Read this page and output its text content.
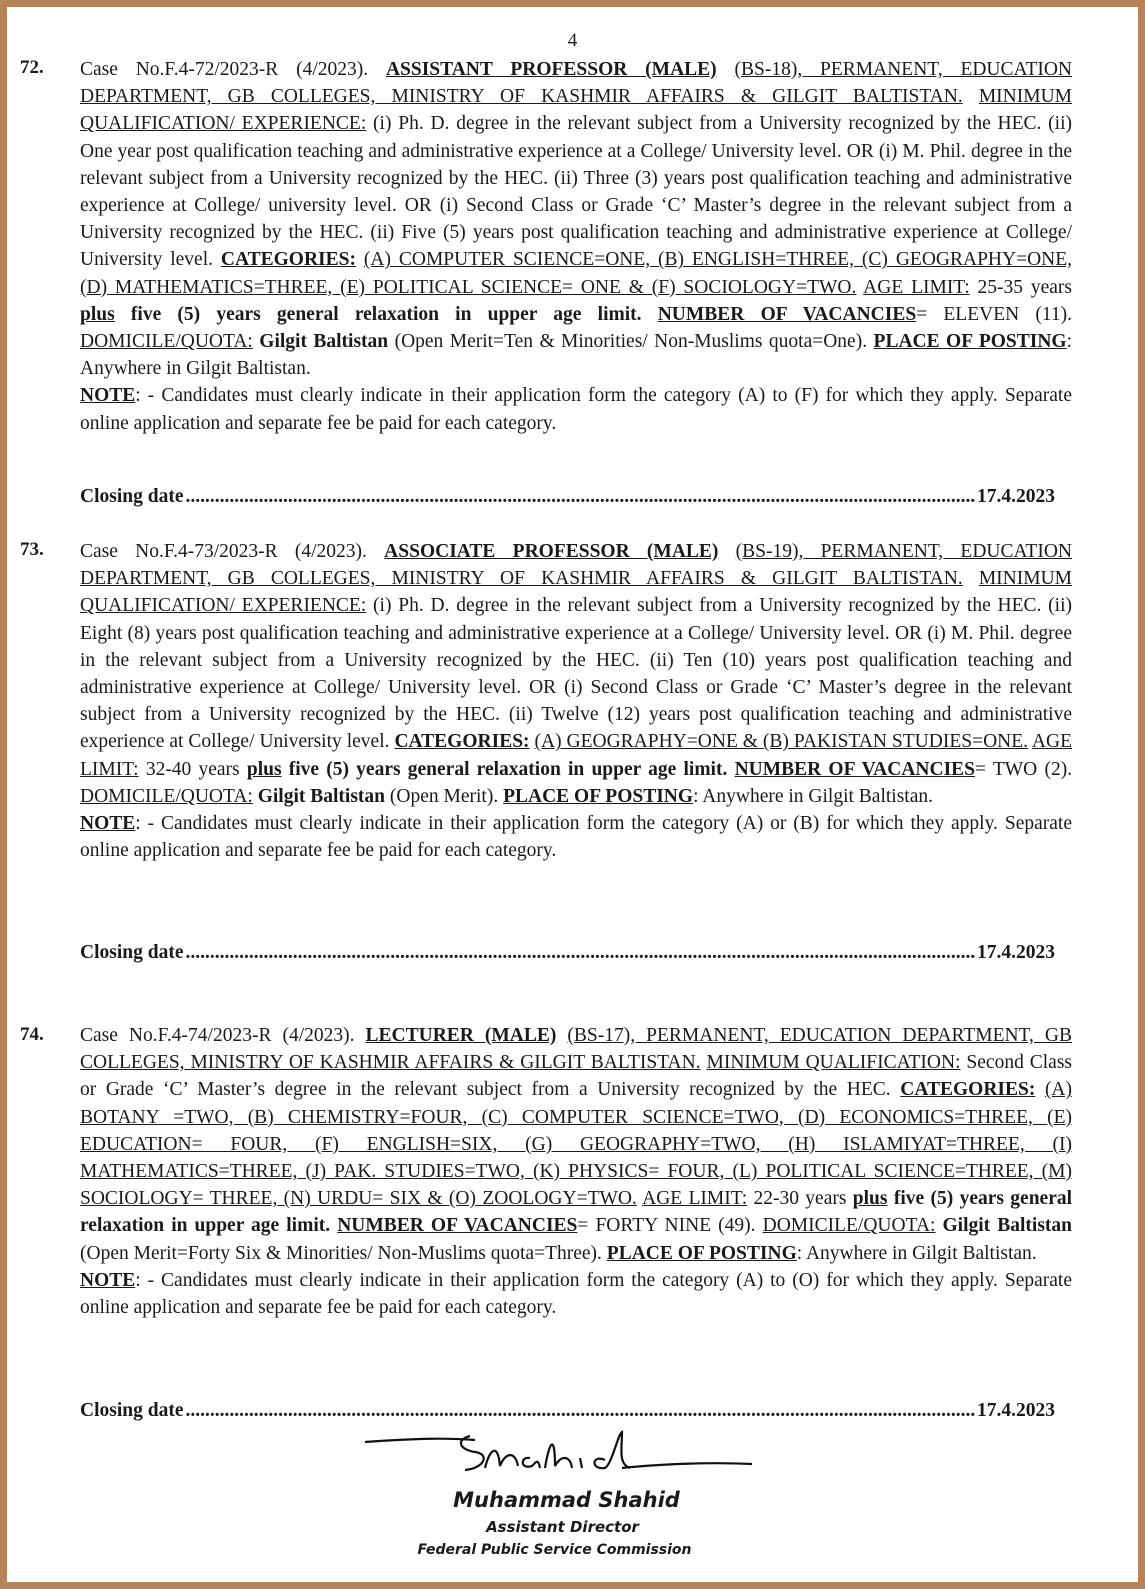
4
72. Case No.F.4-72/2023-R (4/2023). ASSISTANT PROFESSOR (MALE) (BS-18), PERMANENT, EDUCATION DEPARTMENT, GB COLLEGES, MINISTRY OF KASHMIR AFFAIRS & GILGIT BALTISTAN. MINIMUM QUALIFICATION/ EXPERIENCE: (i) Ph. D. degree in the relevant subject from a University recognized by the HEC. (ii) One year post qualification teaching and administrative experience at a College/ University level. OR (i) M. Phil. degree in the relevant subject from a University recognized by the HEC. (ii) Three (3) years post qualification teaching and administrative experience at College/ university level. OR (i) Second Class or Grade ‘C’ Master’s degree in the relevant subject from a University recognized by the HEC. (ii) Five (5) years post qualification teaching and administrative experience at College/ University level. CATEGORIES: (A) COMPUTER SCIENCE=ONE, (B) ENGLISH=THREE, (C) GEOGRAPHY=ONE, (D) MATHEMATICS=THREE, (E) POLITICAL SCIENCE= ONE & (F) SOCIOLOGY=TWO. AGE LIMIT: 25-35 years plus five (5) years general relaxation in upper age limit. NUMBER OF VACANCIES= ELEVEN (11). DOMICILE/QUOTA: Gilgit Baltistan (Open Merit=Ten & Minorities/ Non-Muslims quota=One). PLACE OF POSTING: Anywhere in Gilgit Baltistan.
NOTE: - Candidates must clearly indicate in their application form the category (A) to (F) for which they apply. Separate online application and separate fee be paid for each category.

Closing date .....	17.4.2023
73. Case No.F.4-73/2023-R (4/2023). ASSOCIATE PROFESSOR (MALE) (BS-19), PERMANENT, EDUCATION DEPARTMENT, GB COLLEGES, MINISTRY OF KASHMIR AFFAIRS & GILGIT BALTISTAN. MINIMUM QUALIFICATION/ EXPERIENCE: (i) Ph. D. degree in the relevant subject from a University recognized by the HEC. (ii) Eight (8) years post qualification teaching and administrative experience at a College/ University level. OR (i) M. Phil. degree in the relevant subject from a University recognized by the HEC. (ii) Ten (10) years post qualification teaching and administrative experience at College/ University level. OR (i) Second Class or Grade ‘C’ Master’s degree in the relevant subject from a University recognized by the HEC. (ii) Twelve (12) years post qualification teaching and administrative experience at College/ University level. CATEGORIES: (A) GEOGRAPHY=ONE & (B) PAKISTAN STUDIES=ONE. AGE LIMIT: 32-40 years plus five (5) years general relaxation in upper age limit. NUMBER OF VACANCIES= TWO (2). DOMICILE/QUOTA: Gilgit Baltistan (Open Merit). PLACE OF POSTING: Anywhere in Gilgit Baltistan.
NOTE: - Candidates must clearly indicate in their application form the category (A) or (B) for which they apply. Separate online application and separate fee be paid for each category.

Closing date .....	17.4.2023
74. Case No.F.4-74/2023-R (4/2023). LECTURER (MALE) (BS-17), PERMANENT, EDUCATION DEPARTMENT, GB COLLEGES, MINISTRY OF KASHMIR AFFAIRS & GILGIT BALTISTAN. MINIMUM QUALIFICATION: Second Class or Grade ‘C’ Master’s degree in the relevant subject from a University recognized by the HEC. CATEGORIES: (A) BOTANY =TWO, (B) CHEMISTRY=FOUR, (C) COMPUTER SCIENCE=TWO, (D) ECONOMICS=THREE, (E) EDUCATION= FOUR, (F) ENGLISH=SIX, (G) GEOGRAPHY=TWO, (H) ISLAMIYAT=THREE, (I) MATHEMATICS=THREE, (J) PAK. STUDIES=TWO, (K) PHYSICS= FOUR, (L) POLITICAL SCIENCE=THREE, (M) SOCIOLOGY= THREE, (N) URDU= SIX & (O) ZOOLOGY=TWO. AGE LIMIT: 22-30 years plus five (5) years general relaxation in upper age limit. NUMBER OF VACANCIES= FORTY NINE (49). DOMICILE/QUOTA: Gilgit Baltistan (Open Merit=Forty Six & Minorities/ Non-Muslims quota=Three). PLACE OF POSTING: Anywhere in Gilgit Baltistan.
NOTE: - Candidates must clearly indicate in their application form the category (A) to (O) for which they apply. Separate online application and separate fee be paid for each category.

Closing date .....	17.4.2023
Muhammad Shahid
Assistant Director
Federal Public Service Commission
